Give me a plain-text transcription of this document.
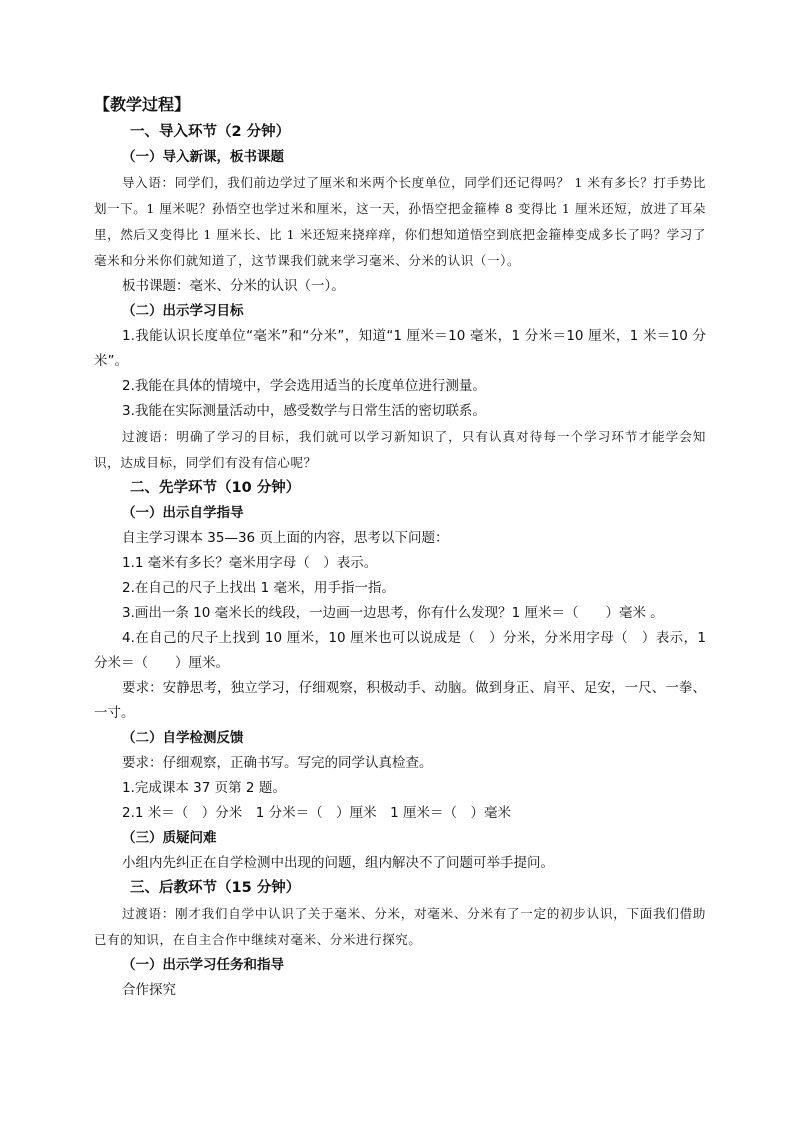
【教学过程】

一、导入环节（2 分钟）

（一）导入新课，板书课题

导入语：同学们，我们前边学过了厘米和米两个长度单位，同学们还记得吗？ 1 米有多长？打手势比划一下。1 厘米呢？孙悟空也学过米和厘米，这一天，孙悟空把金箍棒 8 变得比 1 厘米还短，放进了耳朵里，然后又变得比 1 厘米长、比 1 米还短来挠痒痒，你们想知道悟空到底把金箍棒变成多长了吗？学习了毫米和分米你们就知道了，这节课我们就来学习毫米、分米的认识（一）。

板书课题：毫米、分米的认识（一）。

（二）出示学习目标

1.我能认识长度单位“毫米”和“分米”，知道“1 厘米＝10 毫米，1 分米＝10 厘米，1 米＝10 分米”。

2.我能在具体的情境中，学会选用适当的长度单位进行测量。

3.我能在实际测量活动中，感受数学与日常生活的密切联系。

过渡语：明确了学习的目标，我们就可以学习新知识了，只有认真对待每一个学习环节才能学会知识，达成目标，同学们有没有信心呢？

二、先学环节（10 分钟）

（一）出示自学指导

自主学习课本 35—36 页上面的内容，思考以下问题：

1.1 毫米有多长？毫米用字母（　）表示。

2.在自己的尺子上找出 1 毫米，用手指一指。

3.画出一条 10 毫米长的线段，一边画一边思考，你有什么发现？1 厘米＝（　　）毫米 。

4.在自己的尺子上找到 10 厘米，10 厘米也可以说成是（　）分米，分米用字母（　）表示，1 分米＝（　　）厘米。

要求：安静思考，独立学习，仔细观察，积极动手、动脑。做到身正、肩平、足安，一尺、一拳、一寸。

（二）自学检测反馈

要求：仔细观察，正确书写。写完的同学认真检查。

1.完成课本 37 页第 2 题。

2.1 米＝（　）分米　1 分米＝（　）厘米　1 厘米＝（　）毫米

（三）质疑问难

小组内先纠正在自学检测中出现的问题，组内解决不了问题可举手提问。

三、后教环节（15 分钟）

过渡语：刚才我们自学中认识了关于毫米、分米，对毫米、分米有了一定的初步认识，下面我们借助已有的知识，在自主合作中继续对毫米、分米进行探究。

（一）出示学习任务和指导

合作探究
